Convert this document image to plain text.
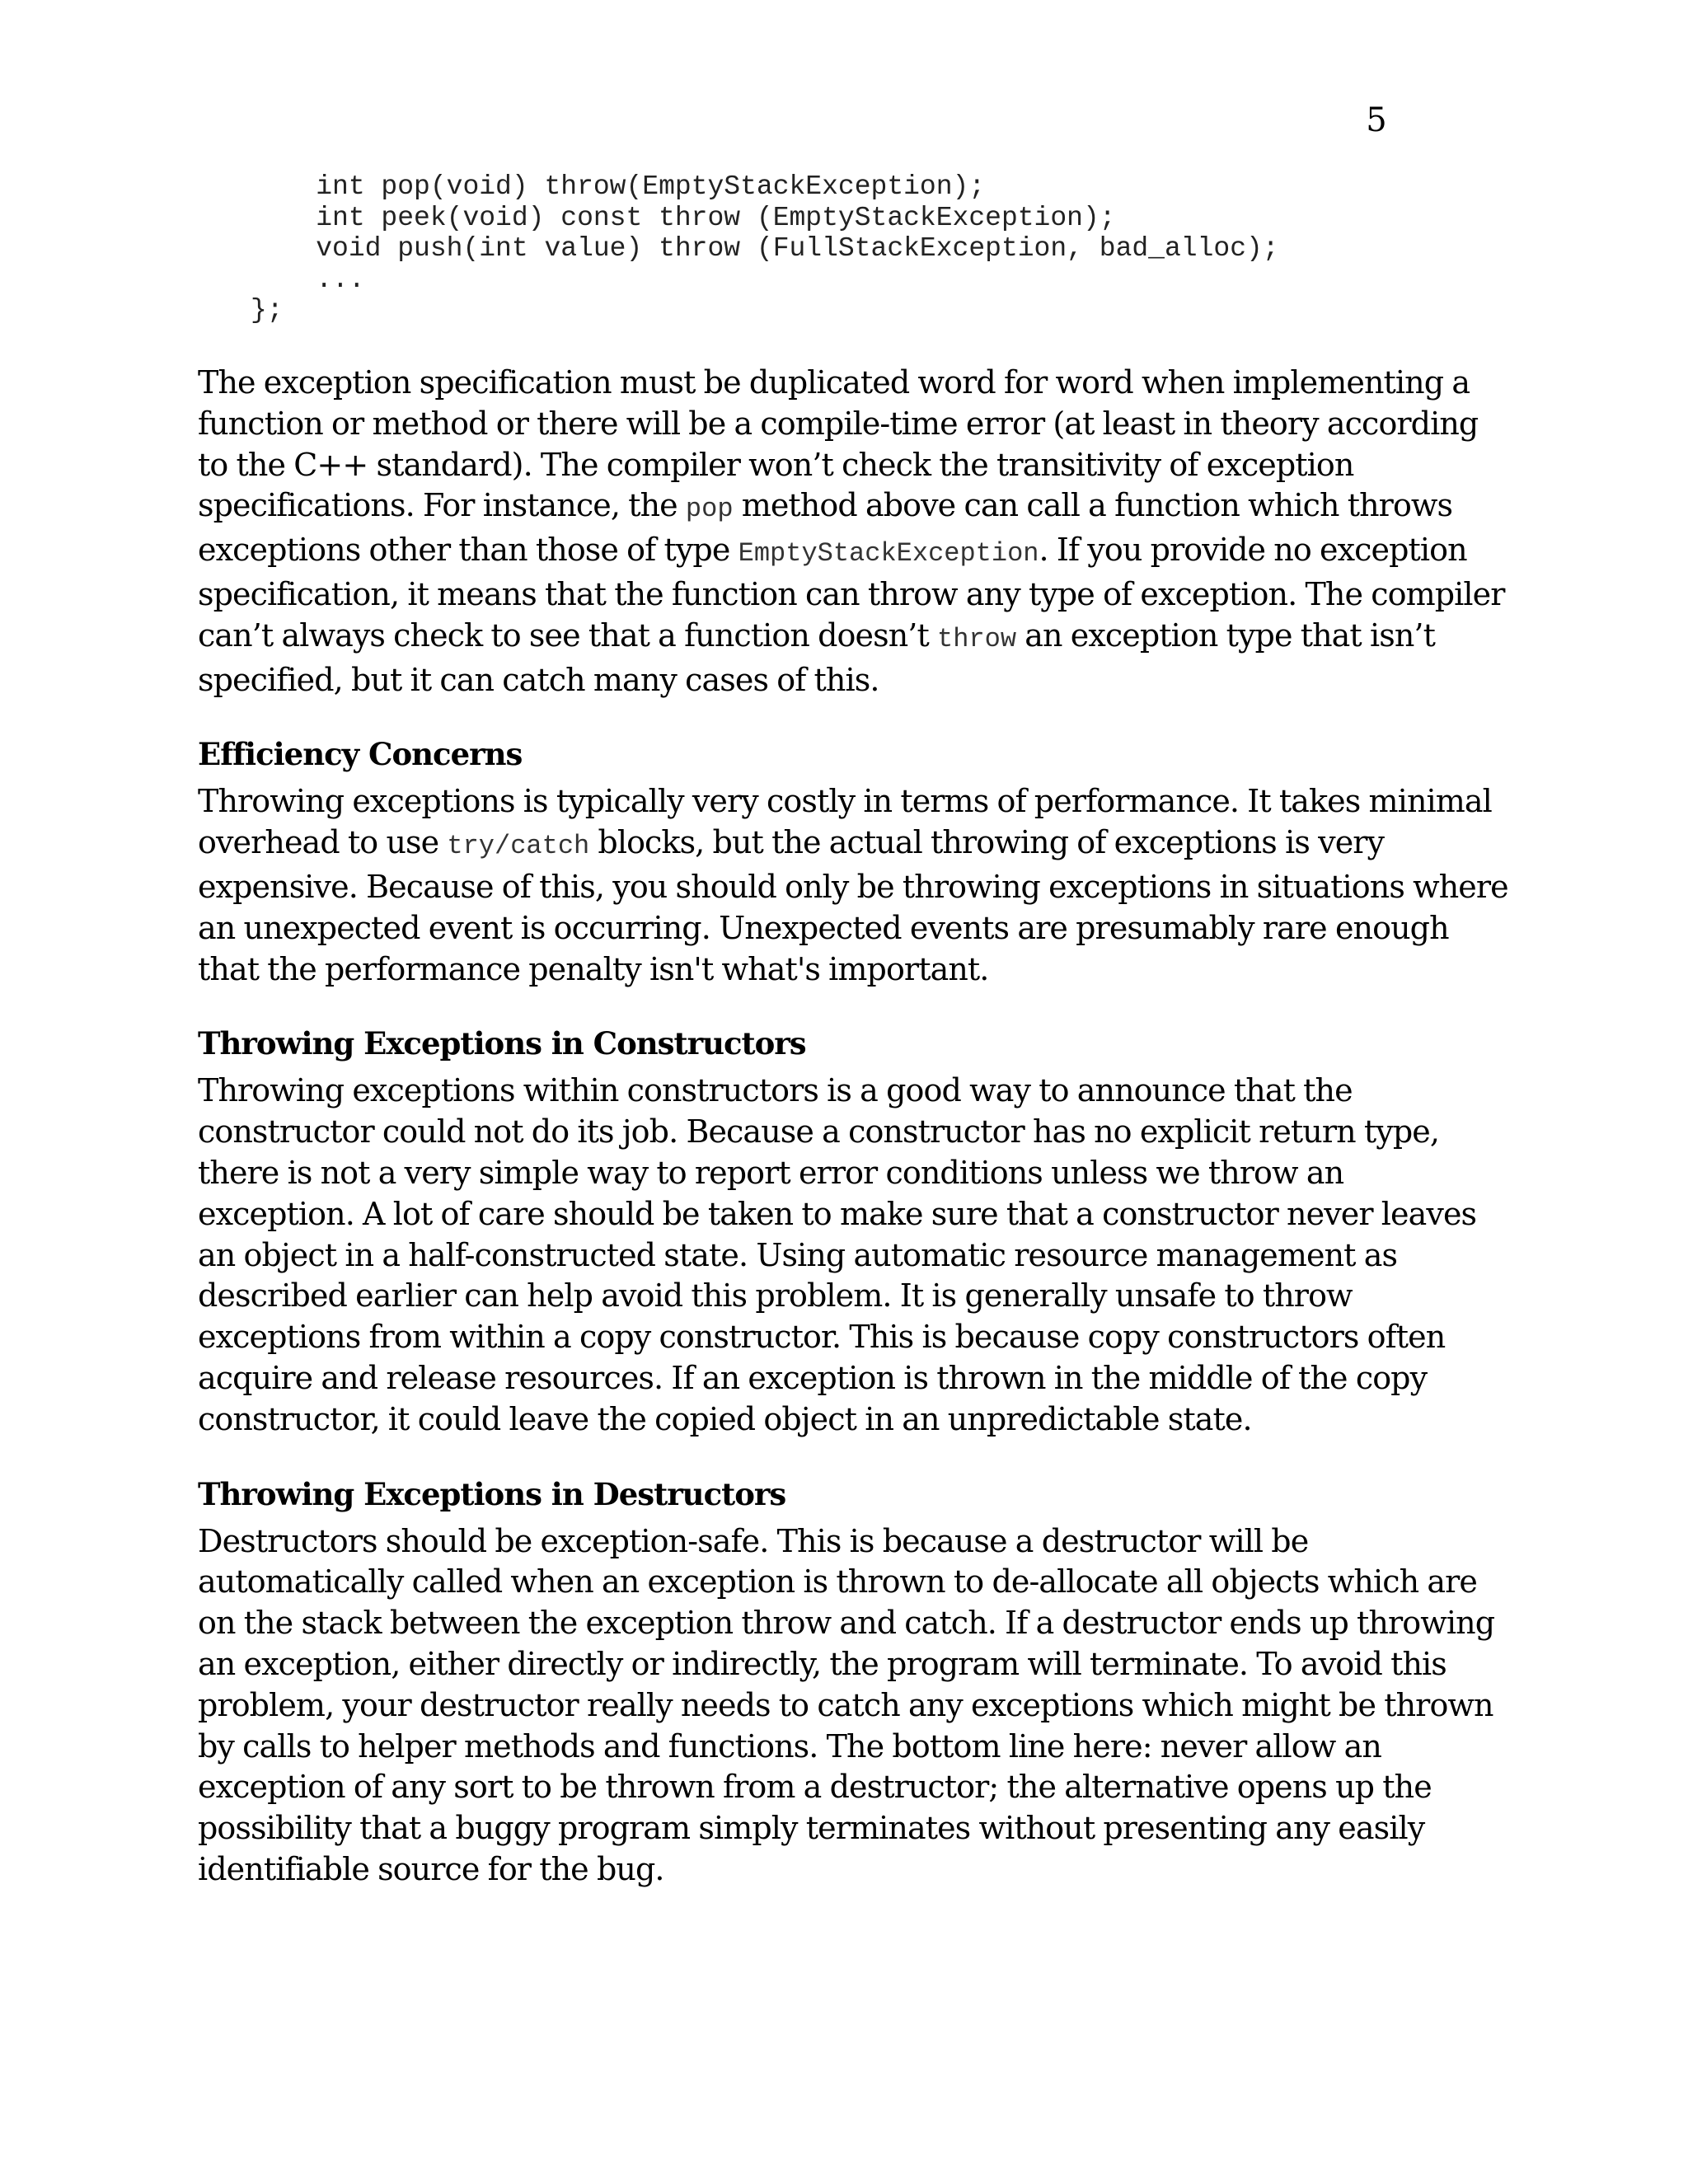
5
int pop(void) throw(EmptyStackException);
int peek(void) const throw (EmptyStackException);
void push(int value) throw (FullStackException, bad_alloc);
...
};

The exception specification must be duplicated word for word when implementing a function or method or there will be a compile-time error (at least in theory according to the C++ standard). The compiler won’t check the transitivity of exception specifications. For instance, the pop method above can call a function which throws exceptions other than those of type EmptyStackException. If you provide no exception specification, it means that the function can throw any type of exception. The compiler can’t always check to see that a function doesn’t throw an exception type that isn’t specified, but it can catch many cases of this.

Efficiency Concerns

Throwing exceptions is typically very costly in terms of performance. It takes minimal overhead to use try/catch blocks, but the actual throwing of exceptions is very expensive. Because of this, you should only be throwing exceptions in situations where an unexpected event is occurring. Unexpected events are presumably rare enough that the performance penalty isn't what's important.

Throwing Exceptions in Constructors

Throwing exceptions within constructors is a good way to announce that the constructor could not do its job. Because a constructor has no explicit return type, there is not a very simple way to report error conditions unless we throw an exception. A lot of care should be taken to make sure that a constructor never leaves an object in a half-constructed state. Using automatic resource management as described earlier can help avoid this problem. It is generally unsafe to throw exceptions from within a copy constructor. This is because copy constructors often acquire and release resources. If an exception is thrown in the middle of the copy constructor, it could leave the copied object in an unpredictable state.

Throwing Exceptions in Destructors

Destructors should be exception-safe. This is because a destructor will be automatically called when an exception is thrown to de-allocate all objects which are on the stack between the exception throw and catch. If a destructor ends up throwing an exception, either directly or indirectly, the program will terminate. To avoid this problem, your destructor really needs to catch any exceptions which might be thrown by calls to helper methods and functions. The bottom line here: never allow an exception of any sort to be thrown from a destructor; the alternative opens up the possibility that a buggy program simply terminates without presenting any easily identifiable source for the bug.
